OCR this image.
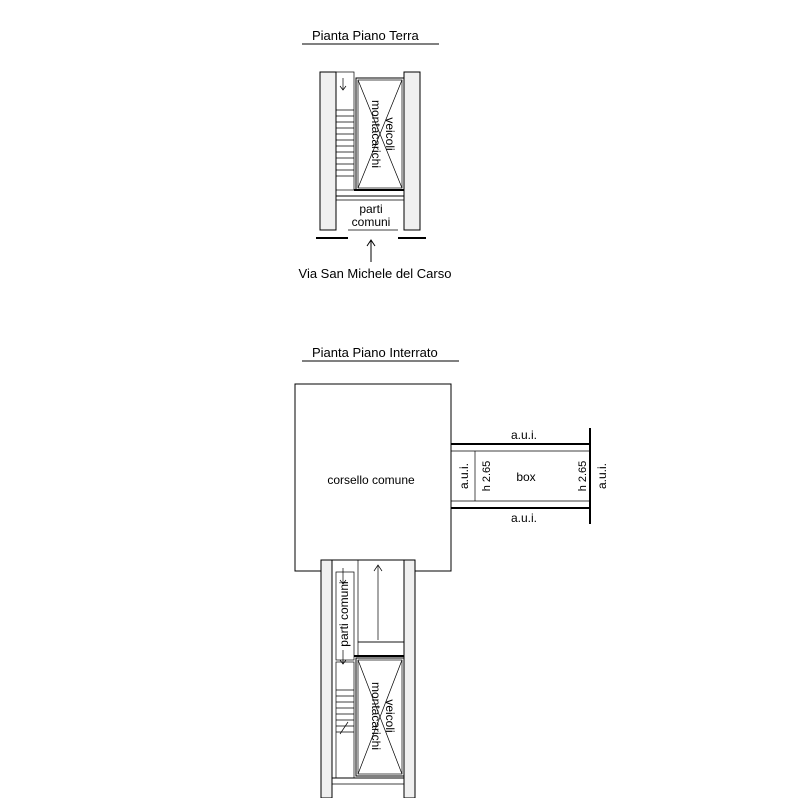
Pianta Piano Terra
montacarichi veicoli
parti
comuni
Via San Michele del Carso
Pianta Piano Interrato
corsello comune	box
h 2.65	h 2.65
a.u.i.
a.u.i.
a.u.i.	a.u.i.
parti comuni
montacarichi veicoli
